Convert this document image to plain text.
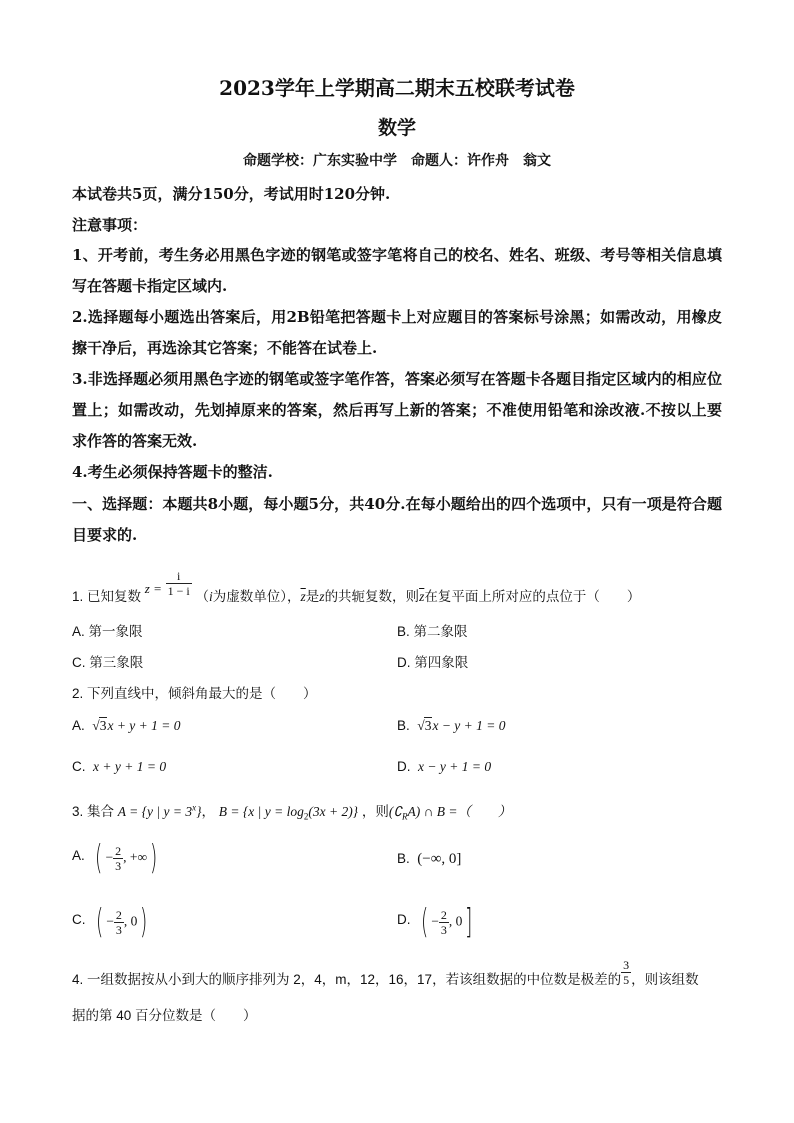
2023学年上学期高二期末五校联考试卷
数学
命题学校：广东实验中学　命题人：许作舟　翁文
本试卷共5页，满分150分，考试用时120分钟.
注意事项：
1、开考前，考生务必用黑色字迹的钢笔或签字笔将自己的校名、姓名、班级、考号等相关信息填写在答题卡指定区域内.
2.选择题每小题选出答案后，用2B铅笔把答题卡上对应题目的答案标号涂黑；如需改动，用橡皮擦干净后，再选涂其它答案；不能答在试卷上.
3.非选择题必须用黑色字迹的钢笔或签字笔作答，答案必须写在答题卡各题目指定区域内的相应位置上；如需改动，先划掉原来的答案，然后再写上新的答案；不准使用铅笔和涂改液.不按以上要求作答的答案无效.
4.考生必须保持答题卡的整洁.
一、选择题：本题共8小题，每小题5分，共40分.在每小题给出的四个选项中，只有一项是符合题目要求的.
1. 已知复数 $z = \frac{i}{1 - i} (i$为虚数单位），$\overline{z}$是z的共轭复数，则$\overline{z}$在复平面上所对应的点位于（　　）
A. 第一象限	B. 第二象限
C. 第三象限	D. 第四象限
2. 下列直线中，倾斜角最大的是（　　）
A. √3x + y + 1 = 0	B. √3x − y + 1 = 0
C. x + y + 1 = 0	D. x − y + 1 = 0
3. 集合 A = {y | $y = 3^x$}， B = {x | $y = \log_2(3x + 2)$} ，则$(∁_RA)$ ∩ B =（　　）
A. ( − $\frac{2}{3}$ , +∞)	B. (−∞, 0]
C. ( − $\frac{2}{3}$ , 0)	D. ( − $\frac{2}{3}$ , 0]
4. 一组数据按从小到大的顺序排列为 2，4，m，12，16，17，若该组数据的中位数是极差的 $\frac{3}{5}$ ，则该组数
据的第 40 百分位数是（　　）
